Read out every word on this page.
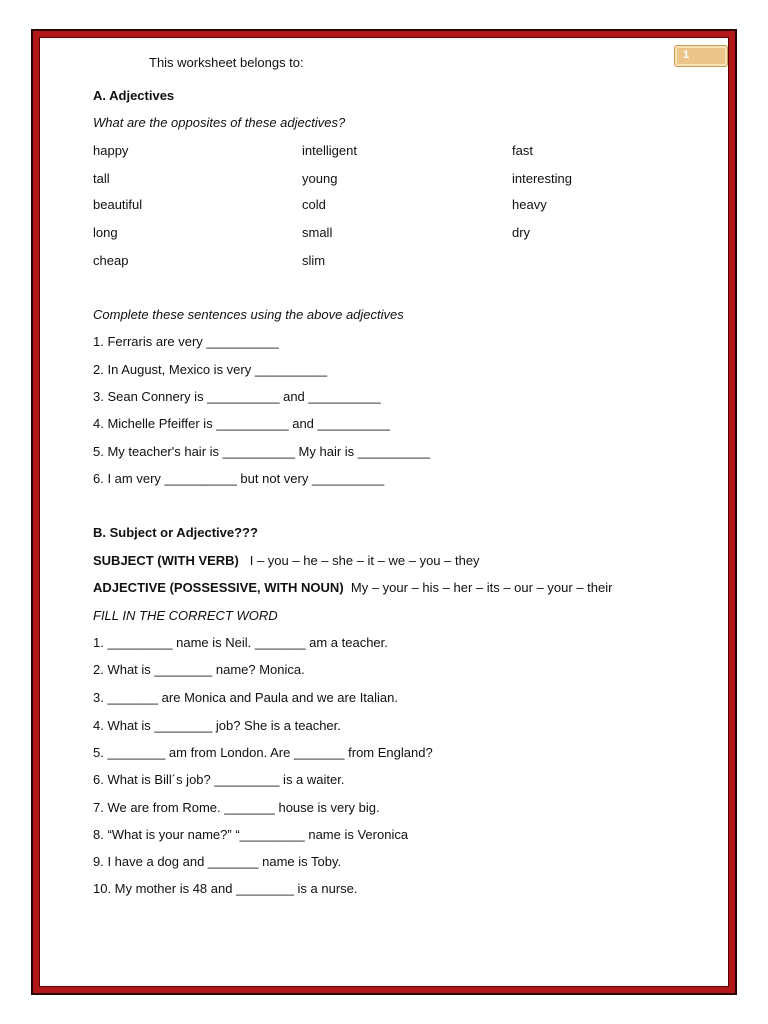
1
This worksheet belongs to:
A. Adjectives
What are the opposites of these adjectives?
happy	intelligent	fast
tall	young	interesting
beautiful	cold	heavy
long	small	dry
cheap	slim
Complete these sentences using the above adjectives
1. Ferraris are very __________
2. In August, Mexico is very __________
3. Sean Connery is __________ and __________
4. Michelle Pfeiffer is __________ and __________
5. My teacher's hair is __________ My hair is __________
6. I am very __________ but not very __________
B. Subject or Adjective???
SUBJECT (WITH VERB) I – you – he – she – it – we – you – they
ADJECTIVE (POSSESSIVE, WITH NOUN) My – your – his – her – its – our – your – their
FILL IN THE CORRECT WORD
1. _________ name is Neil. _______ am a teacher.
2. What is ________ name? Monica.
3. _______ are Monica and Paula and we are Italian.
4. What is ________ job? She is a teacher.
5. ________ am from London. Are _______ from England?
6. What is Bill´s job? _________ is a waiter.
7. We are from Rome. _______ house is very big.
8. “What is your name?” “_________ name is Veronica
9. I have a dog and _______ name is Toby.
10. My mother is 48 and ________ is a nurse.
